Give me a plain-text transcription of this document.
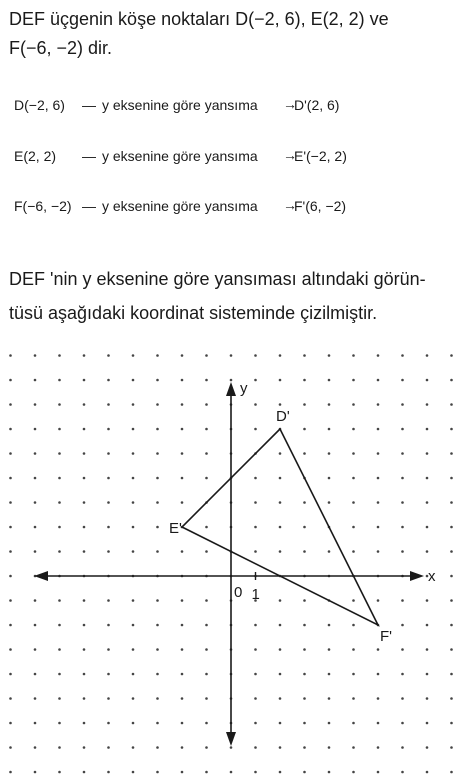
DEF üçgenin köşe noktaları D(−2, 6), E(2, 2) ve
F(−6, −2) dir.
D(−2, 6) — y eksenine göre yansıma →
D'(2, 6)
E(2, 2) — y eksenine göre yansıma →
E'(−2, 2)
F(−6, −2) — y eksenine göre yansıma →
F'(6, −2)
DEF 'nin y eksenine göre yansıması altındaki görün-
tüsü aşağıdaki koordinat sisteminde çizilmiştir.
x
y
0 1
D'
E'
F'
